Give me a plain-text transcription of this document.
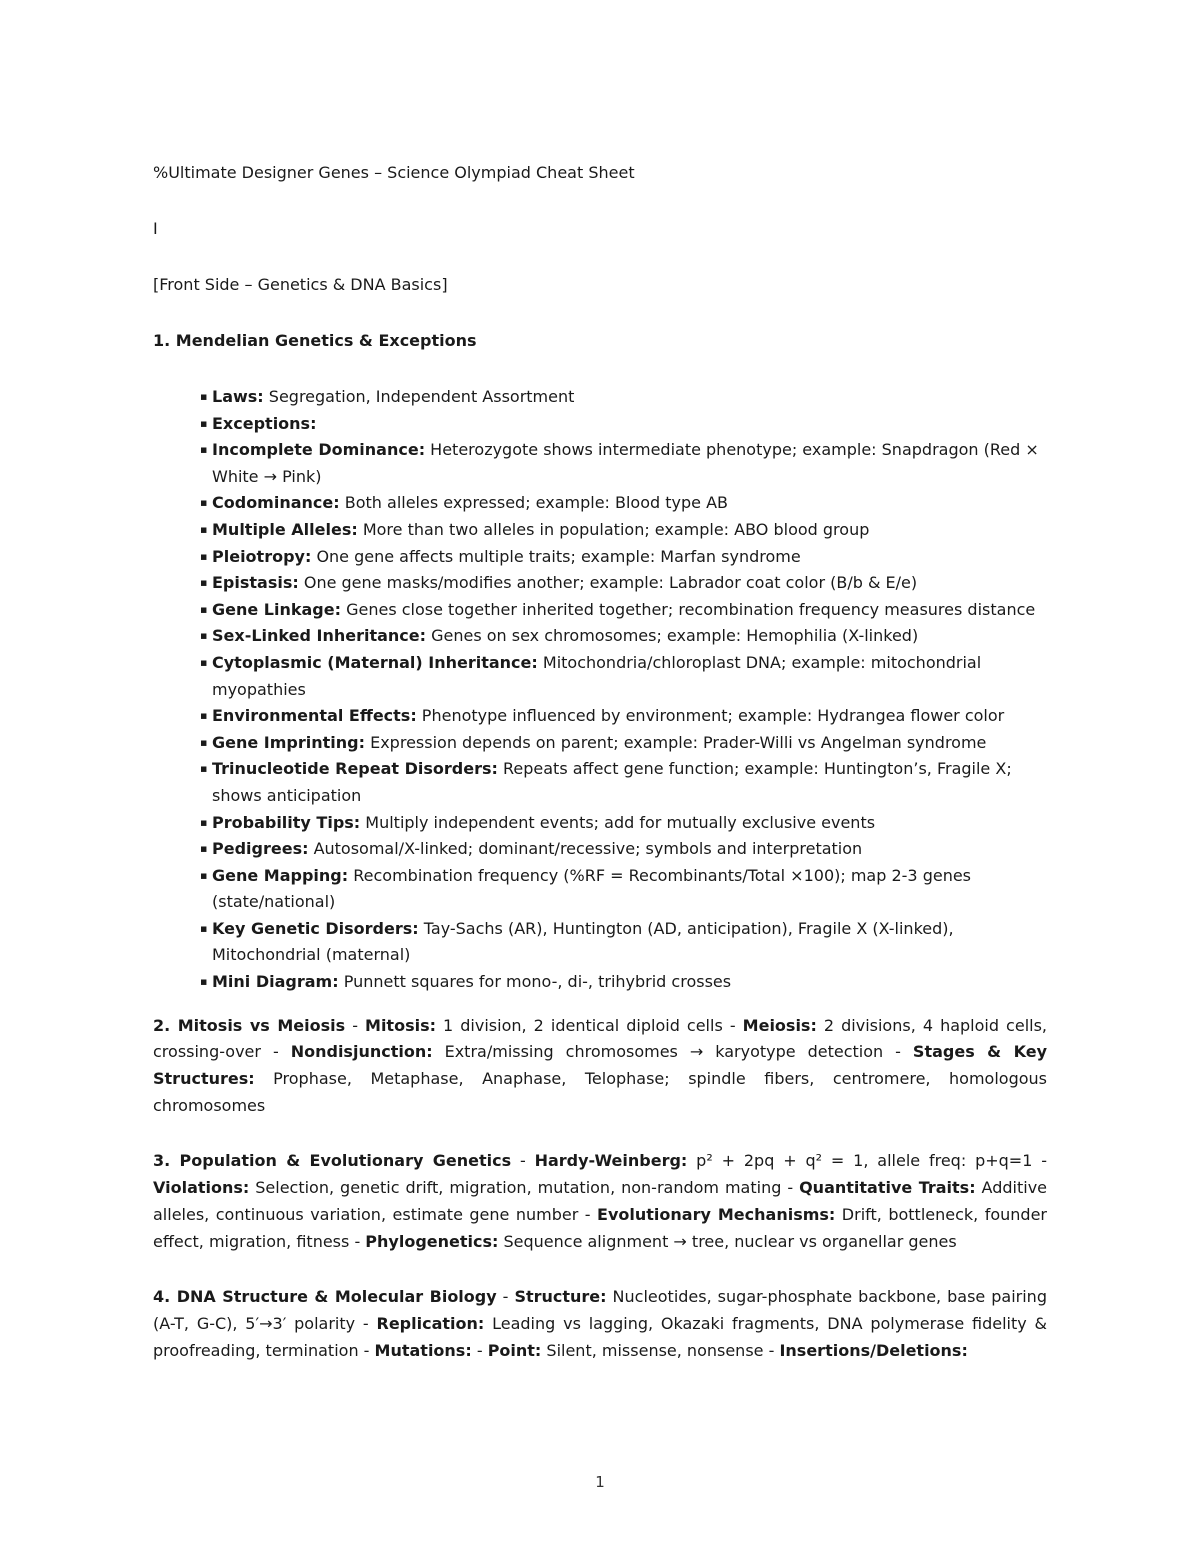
%Ultimate Designer Genes – Science Olympiad Cheat Sheet

I

[Front Side – Genetics & DNA Basics]

1. Mendelian Genetics & Exceptions
▪ Laws: Segregation, Independent Assortment
▪ Exceptions:
▪ Incomplete Dominance: Heterozygote shows intermediate phenotype; example: Snapdragon (Red × White → Pink)
▪ Codominance: Both alleles expressed; example: Blood type AB
▪ Multiple Alleles: More than two alleles in population; example: ABO blood group
▪ Pleiotropy: One gene affects multiple traits; example: Marfan syndrome
▪ Epistasis: One gene masks/modifies another; example: Labrador coat color (B/b & E/e)
▪ Gene Linkage: Genes close together inherited together; recombination frequency measures distance
▪ Sex-Linked Inheritance: Genes on sex chromosomes; example: Hemophilia (X-linked)
▪ Cytoplasmic (Maternal) Inheritance: Mitochondria/chloroplast DNA; example: mitochondrial myopathies
▪ Environmental Effects: Phenotype influenced by environment; example: Hydrangea flower color
▪ Gene Imprinting: Expression depends on parent; example: Prader-Willi vs Angelman syndrome
▪ Trinucleotide Repeat Disorders: Repeats affect gene function; example: Huntington’s, Fragile X; shows anticipation
▪ Probability Tips: Multiply independent events; add for mutually exclusive events
▪ Pedigrees: Autosomal/X-linked; dominant/recessive; symbols and interpretation
▪ Gene Mapping: Recombination frequency (%RF = Recombinants/Total ×100); map 2-3 genes (state/national)
▪ Key Genetic Disorders: Tay-Sachs (AR), Huntington (AD, anticipation), Fragile X (X-linked), Mitochondrial (maternal)
▪ Mini Diagram: Punnett squares for mono-, di-, trihybrid crosses

2. Mitosis vs Meiosis - Mitosis: 1 division, 2 identical diploid cells - Meiosis: 2 divisions, 4 haploid cells, crossing-over - Nondisjunction: Extra/missing chromosomes → karyotype detection - Stages & Key Structures: Prophase, Metaphase, Anaphase, Telophase; spindle fibers, centromere, homologous chromosomes

3. Population & Evolutionary Genetics - Hardy-Weinberg: p² + 2pq + q² = 1, allele freq: p+q=1 - Violations: Selection, genetic drift, migration, mutation, non-random mating - Quantitative Traits: Additive alleles, continuous variation, estimate gene number - Evolutionary Mechanisms: Drift, bottleneck, founder effect, migration, fitness - Phylogenetics: Sequence alignment → tree, nuclear vs organellar genes

4. DNA Structure & Molecular Biology - Structure: Nucleotides, sugar-phosphate backbone, base pairing (A-T, G-C), 5′→3′ polarity - Replication: Leading vs lagging, Okazaki fragments, DNA polymerase fidelity & proofreading, termination - Mutations: - Point: Silent, missense, nonsense - Insertions/Deletions:

1
